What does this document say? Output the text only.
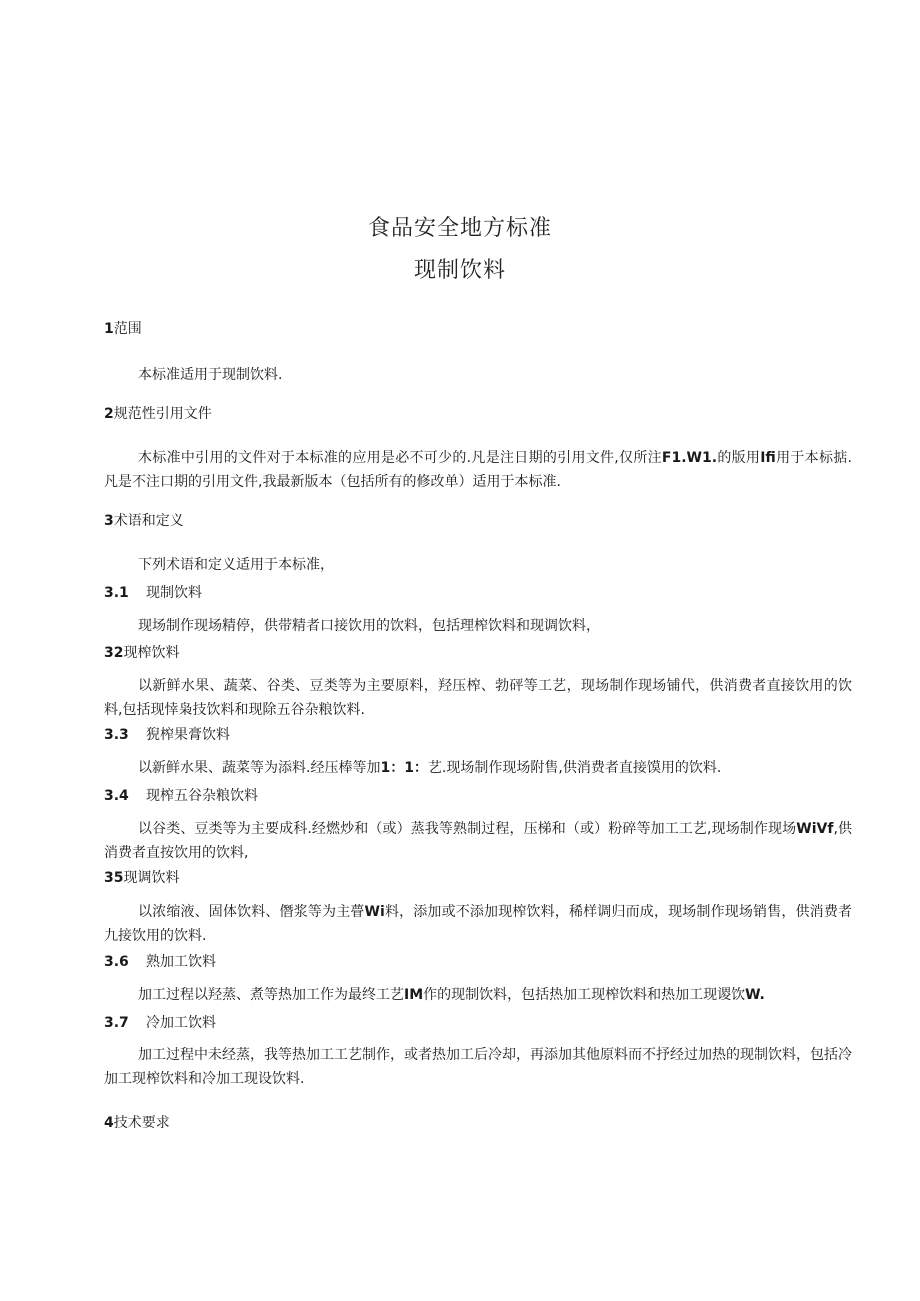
食品安全地方标准
现制饮料
1范围
本标准适用于现制饮料.
2规范性引用文件
木标准中引用的文件对于本标准的应用是必不可少的.凡是注日期的引用文件,仅所注F1.W1.的版用Ifi用于本标掂.凡是不注口期的引用文件,我最新版本（包括所有的修改单）适用于本标准.
3术语和定义
下列术语和定义适用于本标准，
3.1 现制饮料
现场制作现场精停，供带精者口接饮用的饮料，包括理榨饮料和现调饮料，
32现榨饮料
以新鲜水果、蔬菜、谷类、豆类等为主要原料，羟压榨、勃砰等工艺，现场制作现场铺代，供消费者直接饮用的饮料,包括现悻枭技饮料和现除五谷杂粮饮料.
3.3 猊榨果膏饮料
以新鲜水果、蔬菜等为添料.经压棒等加1：1：艺.现场制作现场附售,供消费者直接馍用的饮料.
3.4 现榨五谷杂粮饮料
以谷类、豆类等为主要成科.经燃炒和（或）蒸我等熟制过程，压梯和（或）粉碎等加工工艺,现场制作现场WiVf,供消费者直按饮用的饮料,
35现调饮料
以浓缩液、固体饮料、僭浆等为主瞢Wi料，添加或不添加现榨饮料，稀样调归而成，现场制作现场销售，供消费者九接饮用的饮料.
3.6 熟加工饮料
加工过程以羟蒸、煮等热加工作为最终工艺IM作的现制饮料，包括热加工现榨饮料和热加工现谡饮W.
3.7 冷加工饮料
加工过程中未经蒸，我等热加工工艺制作，或者热加工后冷却，再添加其他原料而不抒经过加热的现制饮料，包括冷加工现榨饮料和冷加工现设饮料.
4技术要求
